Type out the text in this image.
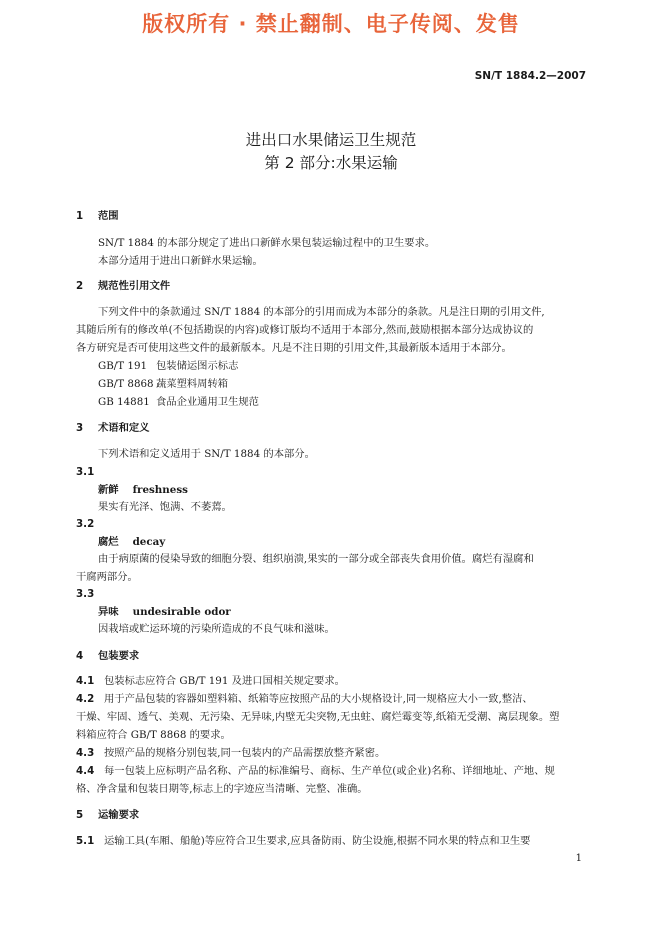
版权所有 · 禁止翻制、电子传阅、发售
SN/T 1884.2—2007
进出口水果储运卫生规范
第 2 部分:水果运输
1 范围
SN/T 1884 的本部分规定了进出口新鲜水果包装运输过程中的卫生要求。
本部分适用于进出口新鲜水果运输。
2 规范性引用文件
下列文件中的条款通过 SN/T 1884 的本部分的引用而成为本部分的条款。凡是注日期的引用文件,
其随后所有的修改单(不包括勘误的内容)或修订版均不适用于本部分,然而,鼓励根据本部分达成协议的
各方研究是否可使用这些文件的最新版本。凡是不注日期的引用文件,其最新版本适用于本部分。
GB/T 191 包装储运图示标志
GB/T 8868 蔬菜塑料周转箱
GB 14881 食品企业通用卫生规范
3 术语和定义
下列术语和定义适用于 SN/T 1884 的本部分。
3.1
新鲜 freshness
果实有光泽、饱满、不萎蔫。
3.2
腐烂 decay
由于病原菌的侵染导致的细胞分裂、组织崩溃,果实的一部分或全部丧失食用价值。腐烂有湿腐和
干腐两部分。
3.3
异味 undesirable odor
因栽培或贮运环境的污染所造成的不良气味和滋味。
4 包装要求
4.1 包装标志应符合 GB/T 191 及进口国相关规定要求。
4.2 用于产品包装的容器如塑料箱、纸箱等应按照产品的大小规格设计,同一规格应大小一致,整洁、
干燥、牢固、透气、美观、无污染、无异味,内壁无尖突物,无虫蛀、腐烂霉变等,纸箱无受潮、离层现象。塑
料箱应符合 GB/T 8868 的要求。
4.3 按照产品的规格分别包装,同一包装内的产品需摆放整齐紧密。
4.4 每一包装上应标明产品名称、产品的标准编号、商标、生产单位(或企业)名称、详细地址、产地、规
格、净含量和包装日期等,标志上的字迹应当清晰、完整、准确。
5 运输要求
5.1 运输工具(车厢、船舱)等应符合卫生要求,应具备防雨、防尘设施,根据不同水果的特点和卫生要
1
